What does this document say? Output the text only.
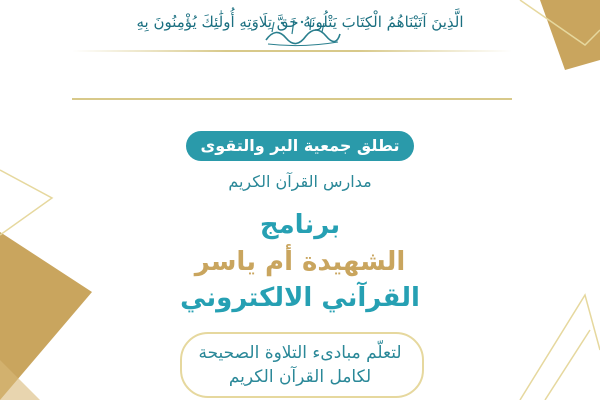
الَّذِينَ آتَيْنَاهُمُ الْكِتَابَ يَتْلُونَهُ حَقَّ تِلَاوَتِهِ أُولَٰئِكَ يُؤْمِنُونَ بِهِ
تطلق جمعية البر والتقوى
مدارس القرآن الكريم
برنامج
الشهيدة أم ياسر
القرآني الالكتروني
لتعلّم مبادىء التلاوة الصحيحة
لكامل القرآن الكريم
